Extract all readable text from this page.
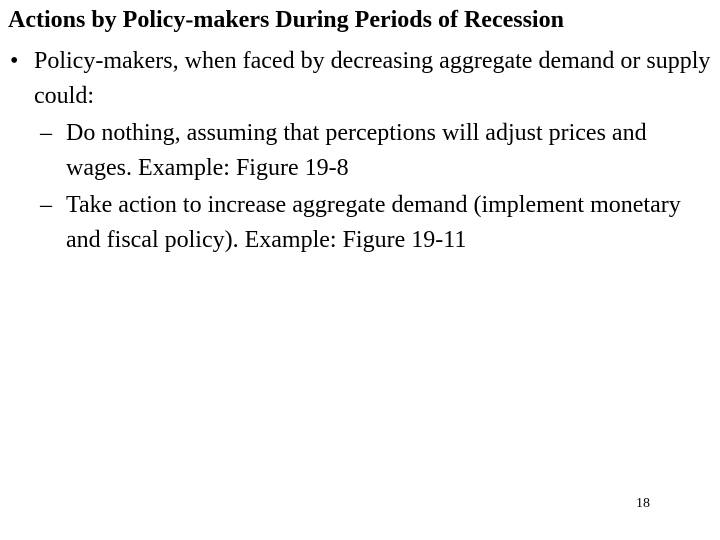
Actions by Policy-makers During Periods of Recession
• Policy-makers, when faced by decreasing aggregate demand or supply could:
– Do nothing, assuming that perceptions will adjust prices and wages. Example: Figure 19-8
– Take action to increase aggregate demand (implement monetary and fiscal policy). Example: Figure 19-11
18
